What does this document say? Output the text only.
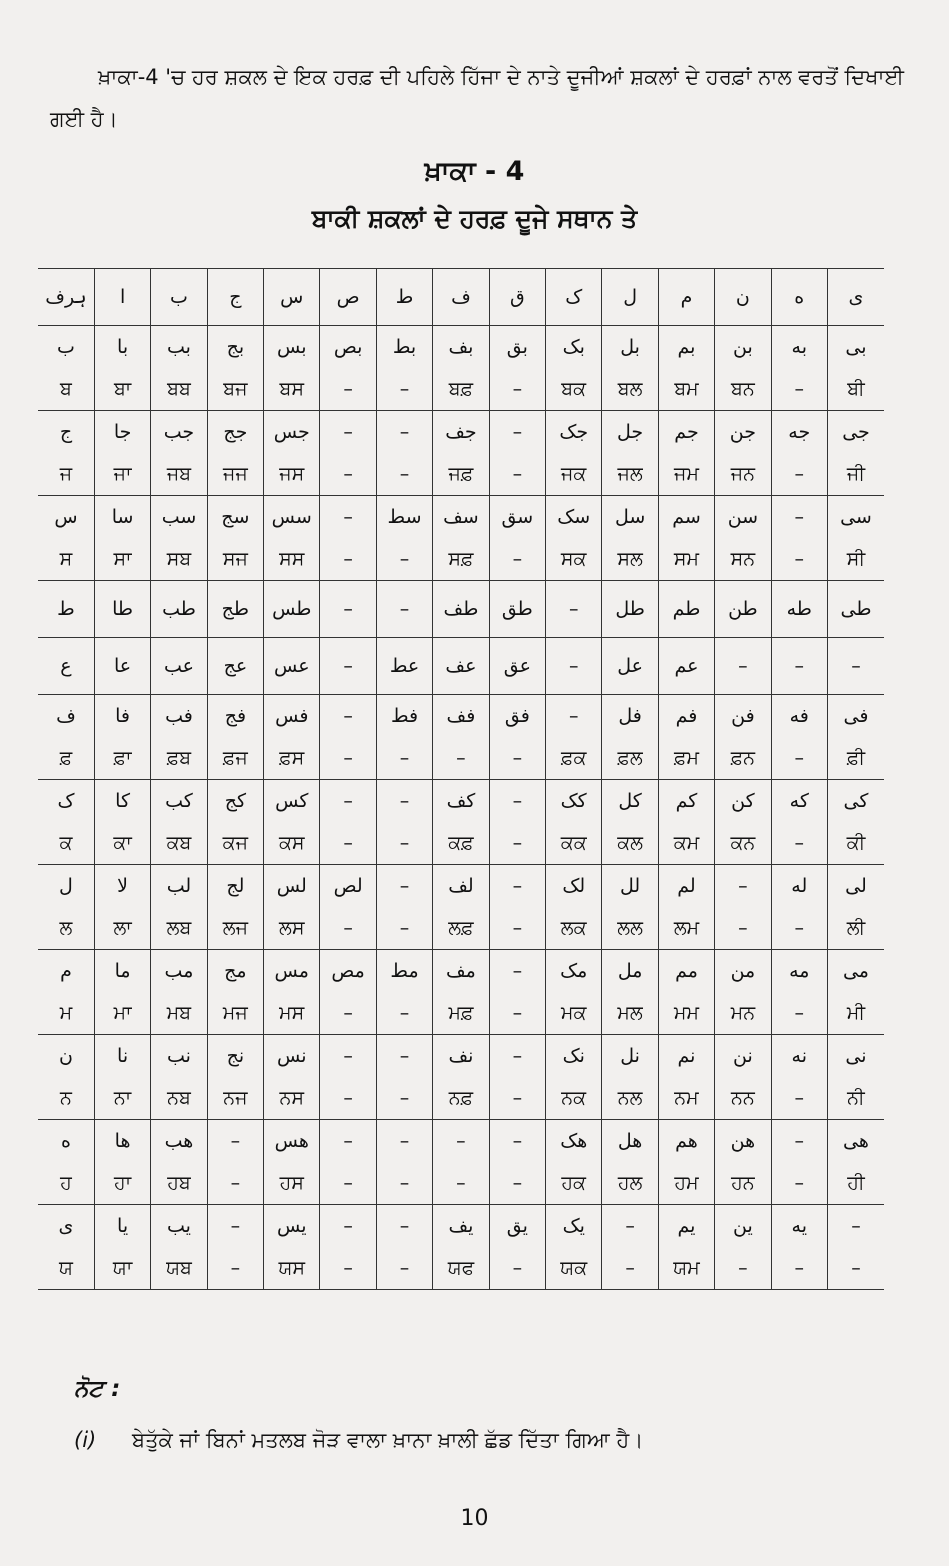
ਖ਼ਾਕਾ-4 'ਚ ਹਰ ਸ਼ਕਲ ਦੇ ਇਕ ਹਰਫ਼ ਦੀ ਪਹਿਲੇ ਹਿੱਜਾ ਦੇ ਨਾਤੇ ਦੂਜੀਆਂ ਸ਼ਕਲਾਂ ਦੇ ਹਰਫ਼ਾਂ ਨਾਲ ਵਰਤੋਂ ਦਿਖਾਈ ਗਈ ਹੈ।

ਖ਼ਾਕਾ - 4
ਬਾਕੀ ਸ਼ਕਲਾਂ ਦੇ ਹਰਫ਼ ਦੂਜੇ ਸਥਾਨ ਤੇ
ہرف	ا	ب	ج	س	ص	ط	ف	ق	ک	ل	م	ن	ه	ی
ب	با	بب	بج	بس	بص	بط	بف	بق	بک	بل	بم	بن	به	بی
ਬ	ਬਾ	ਬਬ	ਬਜ	ਬਸ	–	–	ਬਫ਼	–	ਬਕ	ਬਲ	ਬਮ	ਬਨ	–	ਬੀ
ج	جا	جب	جج	جس	–	–	جف	–	جک	جل	جم	جن	جه	جی
ਜ	ਜਾ	ਜਬ	ਜਜ	ਜਸ	–	–	ਜਫ਼	–	ਜਕ	ਜਲ	ਜਮ	ਜਨ	–	ਜੀ
س	سا	سب	سج	سس	–	سط	سف	سق	سک	سل	سم	سن	–	سی
ਸ	ਸਾ	ਸਬ	ਸਜ	ਸਸ	–	–	ਸਫ਼	–	ਸਕ	ਸਲ	ਸਮ	ਸਨ	–	ਸੀ
ط	طا	طب	طج	طس	–	–	طف	طق	–	طل	طم	طن	طه	طی
ع	عا	عب	عج	عس	–	عط	عف	عق	–	عل	عم	–	–	–
ف	فا	فب	فج	فس	–	فط	فف	فق	–	فل	فم	فن	فه	فی
ਫ਼	ਫ਼ਾ	ਫ਼ਬ	ਫ਼ਜ	ਫ਼ਸ	–	–	–	–	ਫ਼ਕ	ਫ਼ਲ	ਫ਼ਮ	ਫ਼ਨ	–	ਫ਼ੀ
ک	کا	کب	کج	کس	–	–	کف	–	کک	کل	کم	کن	که	کی
ਕ	ਕਾ	ਕਬ	ਕਜ	ਕਸ	–	–	ਕਫ਼	–	ਕਕ	ਕਲ	ਕਮ	ਕਨ	–	ਕੀ
ل	لا	لب	لج	لس	لص	–	لف	–	لک	لل	لم	–	له	لی
ਲ	ਲਾ	ਲਬ	ਲਜ	ਲਸ	–	–	ਲਫ਼	–	ਲਕ	ਲਲ	ਲਮ	–	–	ਲੀ
م	ما	مب	مج	مس	مص	مط	مف	–	مک	مل	مم	من	مه	می
ਮ	ਮਾ	ਮਬ	ਮਜ	ਮਸ	–	–	ਮਫ਼	–	ਮਕ	ਮਲ	ਮਮ	ਮਨ	–	ਮੀ
ن	نا	نب	نج	نس	–	–	نف	–	نک	نل	نم	نن	نه	نی
ਨ	ਨਾ	ਨਬ	ਨਜ	ਨਸ	–	–	ਨਫ਼	–	ਨਕ	ਨਲ	ਨਮ	ਨਨ	–	ਨੀ
ه	ها	هب	–	هس	–	–	–	–	هک	هل	هم	هن	–	هی
ਹ	ਹਾ	ਹਬ	–	ਹਸ	–	–	–	–	ਹਕ	ਹਲ	ਹਮ	ਹਨ	–	ਹੀ
ی	یا	یب	–	یس	–	–	یف	یق	یک	–	یم	ین	یه	–
ਯ	ਯਾ	ਯਬ	–	ਯਸ	–	–	ਯਫ	–	ਯਕ	–	ਯਮ	–	–	–

ਨੋਟ :

(i) ਬੇਤੁੱਕੇ ਜਾਂ ਬਿਨਾਂ ਮਤਲਬ ਜੋੜ ਵਾਲਾ ਖ਼ਾਨਾ ਖ਼ਾਲੀ ਛੱਡ ਦਿੱਤਾ ਗਿਆ ਹੈ।

10
